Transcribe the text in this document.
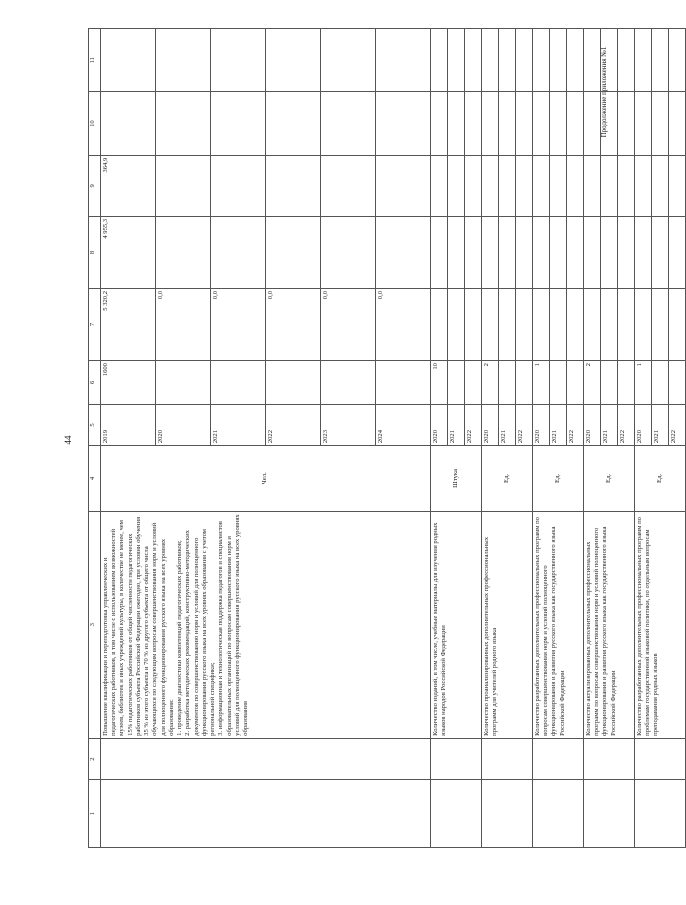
44
Продолжение приложения №1
1	2	3	4	5	6	7	8	9	10	11
		Повышение квалификации и переподготовка управленческих и педагогических работников, в том числе с использованием возможностей музеев, библиотек и иных учреждений культуры, в количестве не менее, чем 15% педагогических работников от общей численности педагогических работников субъекта Российской Федерации ежегодно, при условии обучения 35 % из этого субъекта и 70 % из другого субъекта от общего числа обучающихся по следующим вопросам совершенствования норм и условий для полноценного функционирования русского языка на всех уровнях образования:
1. проведение диагностики компетенций педагогических работников;
2. разработка методических рекомендаций, конструктивно-методических документов по совершенствованию норм и условий для полноценного функционирования русского языка на всех уровнях образования с учетом региональной специфики;
3. информационная и технологическая поддержка педагогов и специалистов образовательных организаций по вопросам совершенствования норм и условий для полноценного функционирования русского языка на всех уровнях образования	Чел.	2019	1600	5 320,2	4 955,3	364,9		
				2020		0,0				
				2021		0,0				
				2022		0,0				
				2023		0,0				
				2024		0,0				
		Количество изданий, в том числе, учебные материалы для изучения родных языков народов Российской Федерации	Штука	2020	10					
				2021						
				2022						
		Количество проанализированных дополнительных профессиональных программ для учителей родного языка	Ед.	2020	2					
				2021						
				2022						
		Количество разработанных дополнительных профессиональных программ по вопросам совершенствования норм и условий полноценного функционирования и развития русского языка как государственного языка Российской Федерации	Ед.	2020	1					
				2021						
				2022						
		Количество актуализированных дополнительных профессиональных программ по вопросам совершенствования норм и условий полноценного функционирования и развития русского языка как государственного языка Российской Федерации	Ед.	2020	2					
				2021						
				2022						
		Количество разработанных дополнительных профессиональных программ по проблемам государственной языковой политики, по отдельным вопросам преподавания родных языков	Ед.	2020	1					
				2021						
				2022						
